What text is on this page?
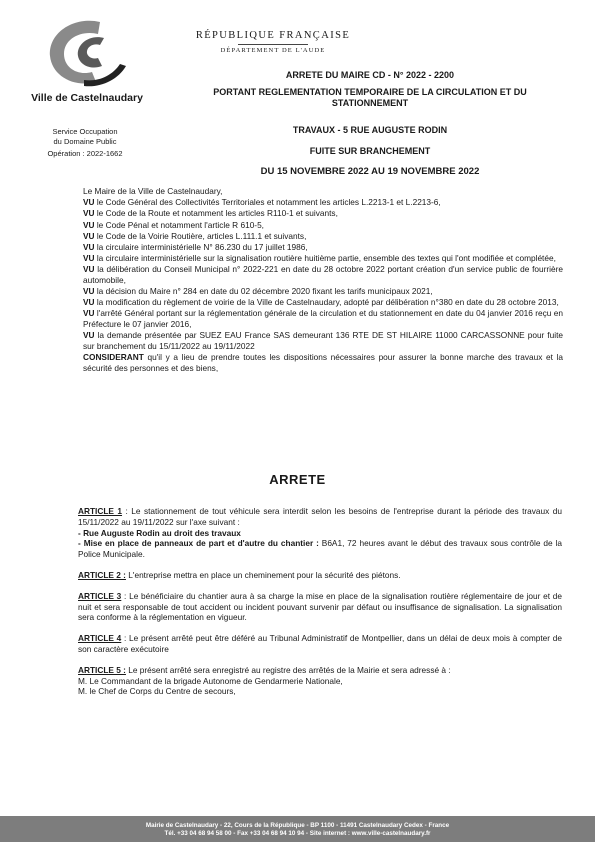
Ville de Castelnaudary
Service Occupation
du Domaine Public
Opération : 2022-1662
RÉPUBLIQUE FRANÇAISE
DÉPARTEMENT DE L'AUDE
ARRETE DU MAIRE CD - N° 2022 - 2200
PORTANT REGLEMENTATION TEMPORAIRE DE LA CIRCULATION ET DU STATIONNEMENT
TRAVAUX - 5 RUE AUGUSTE RODIN
FUITE SUR BRANCHEMENT
DU 15 NOVEMBRE 2022 AU 19 NOVEMBRE 2022

Le Maire de la Ville de Castelnaudary,

VU le Code Général des Collectivités Territoriales et notamment les articles L.2213-1 et L.2213-6,

VU le Code de la Route et notamment les articles R110-1 et suivants,

VU le Code Pénal et notamment l'article R 610-5,

VU le Code de la Voirie Routière, articles L.111.1 et suivants,

VU la circulaire interministérielle N° 86.230 du 17 juillet 1986,

VU la circulaire interministérielle sur la signalisation routière huitième partie, ensemble des textes qui l'ont modifiée et complétée,

VU la délibération du Conseil Municipal n° 2022-221 en date du 28 octobre 2022 portant création d'un service public de fourrière automobile,

VU la décision du Maire n° 284 en date du 02 décembre 2020 fixant les tarifs municipaux 2021,

VU la modification du règlement de voirie de la Ville de Castelnaudary, adopté par délibération n°380 en date du 28 octobre 2013,

VU l'arrêté Général portant sur la réglementation générale de la circulation et du stationnement en date du 04 janvier 2016 reçu en Préfecture le 07 janvier 2016,

VU la demande présentée par SUEZ EAU France SAS demeurant 136 RTE DE ST HILAIRE 11000 CARCASSONNE pour fuite sur branchement du 15/11/2022 au 19/11/2022

CONSIDERANT qu'il y a lieu de prendre toutes les dispositions nécessaires pour assurer la bonne marche des travaux et la sécurité des personnes et des biens,

ARRETE

ARTICLE 1 : Le stationnement de tout véhicule sera interdit selon les besoins de l'entreprise durant la période des travaux du 15/11/2022 au 19/11/2022 sur l'axe suivant :

- Rue Auguste Rodin au droit des travaux

- Mise en place de panneaux de part et d'autre du chantier : B6A1, 72 heures avant le début des travaux sous contrôle de la Police Municipale.

ARTICLE 2 : L'entreprise mettra en place un cheminement pour la sécurité des piétons.

ARTICLE 3 : Le bénéficiaire du chantier aura à sa charge la mise en place de la signalisation routière réglementaire de jour et de nuit et sera responsable de tout accident ou incident pouvant survenir par défaut ou insuffisance de signalisation. La signalisation sera conforme à la réglementation en vigueur.

ARTICLE 4 : Le présent arrêté peut être déféré au Tribunal Administratif de Montpellier, dans un délai de deux mois à compter de son caractère exécutoire

ARTICLE 5 : Le présent arrêté sera enregistré au registre des arrêtés de la Mairie et sera adressé à :

M. Le Commandant de la brigade Autonome de Gendarmerie Nationale,

M. le Chef de Corps du Centre de secours,

Mairie de Castelnaudary - 22, Cours de la République - BP 1100 - 11491 Castelnaudary Cedex - France
Tél. +33 04 68 94 58 00 - Fax +33 04 68 94 10 94 - Site internet : www.ville-castelnaudary.fr
